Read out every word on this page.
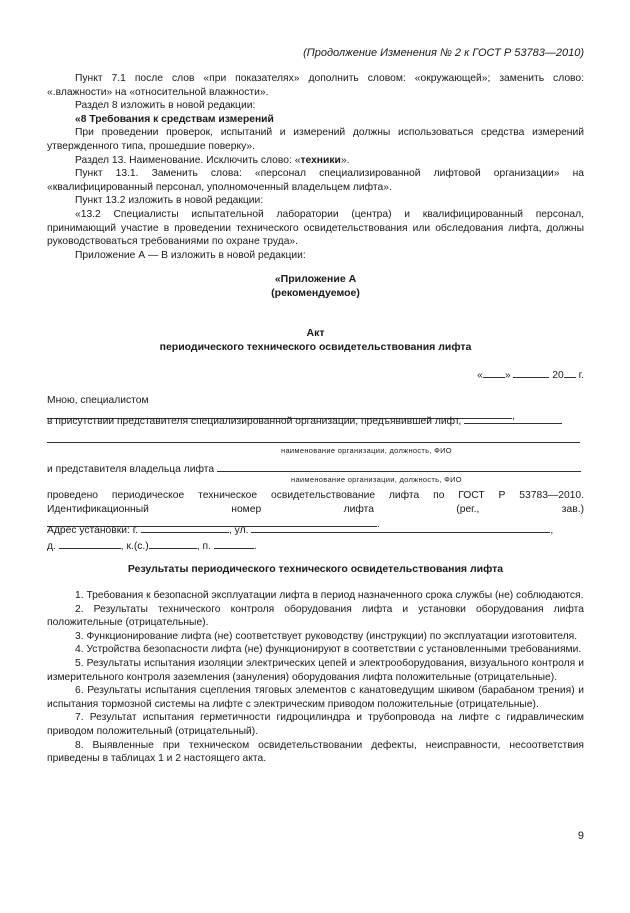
(Продолжение Изменения № 2 к ГОСТ Р 53783—2010)

Пункт 7.1 после слов «при показателях» дополнить словом: «окружающей»; заменить слово: «.влажности» на «относительной влажности».

Раздел 8 изложить в новой редакции:

«8 Требования к средствам измерений

При проведении проверок, испытаний и измерений должны использоваться средства измерений утвержденного типа, прошедшие поверку».

Раздел 13. Наименование. Исключить слово: «техники».

Пункт 13.1. Заменить слова: «персонал специализированной лифтовой организации» на «квалифицированный персонал, уполномоченный владельцем лифта».

Пункт 13.2 изложить в новой редакции:

«13.2 Специалисты испытательной лаборатории (центра) и квалифицированный персонал, принимающий участие в проведении технического освидетельствования или обследования лифта, должны руководствоваться требованиями по охране труда».

Приложение А — В изложить в новой редакции:

«Приложение А
(рекомендуемое)
Акт
периодического технического освидетельствования лифта
« »	20 г.
Мною, специалистом ,
в присутствии представителя специализированной организации, предъявившей лифт,
наименование организации, должность, ФИО
и представителя владельца лифта
наименование организации, должность, ФИО
проведено периодическое техническое освидетельствование лифта по ГОСТ Р 53783—2010. Идентификационный номер лифта (рег., зав.) .
Адрес установки: г.	, ул.	,
д.	, к.(с.)	, п.	.
Результаты периодического технического освидетельствования лифта

1. Требования к безопасной эксплуатации лифта в период назначенного срока службы (не) соблюдаются.

2. Результаты технического контроля оборудования лифта и установки оборудования лифта положительные (отрицательные).

3. Функционирование лифта (не) соответствует руководству (инструкции) по эксплуатации изготовителя.

4. Устройства безопасности лифта (не) функционируют в соответствии с установленными требованиями.

5. Результаты испытания изоляции электрических цепей и электрооборудования, визуального контроля и измерительного контроля заземления (зануления) оборудования лифта положительные (отрицательные).

6. Результаты испытания сцепления тяговых элементов с канатоведущим шкивом (барабаном трения) и испытания тормозной системы на лифте с электрическим приводом положительные (отрицательные).

7. Результат испытания герметичности гидроцилиндра и трубопровода на лифте с гидравлическим приводом положительный (отрицательный).

8. Выявленные при техническом освидетельствовании дефекты, неисправности, несоответствия приведены в таблицах 1 и 2 настоящего акта.

9
